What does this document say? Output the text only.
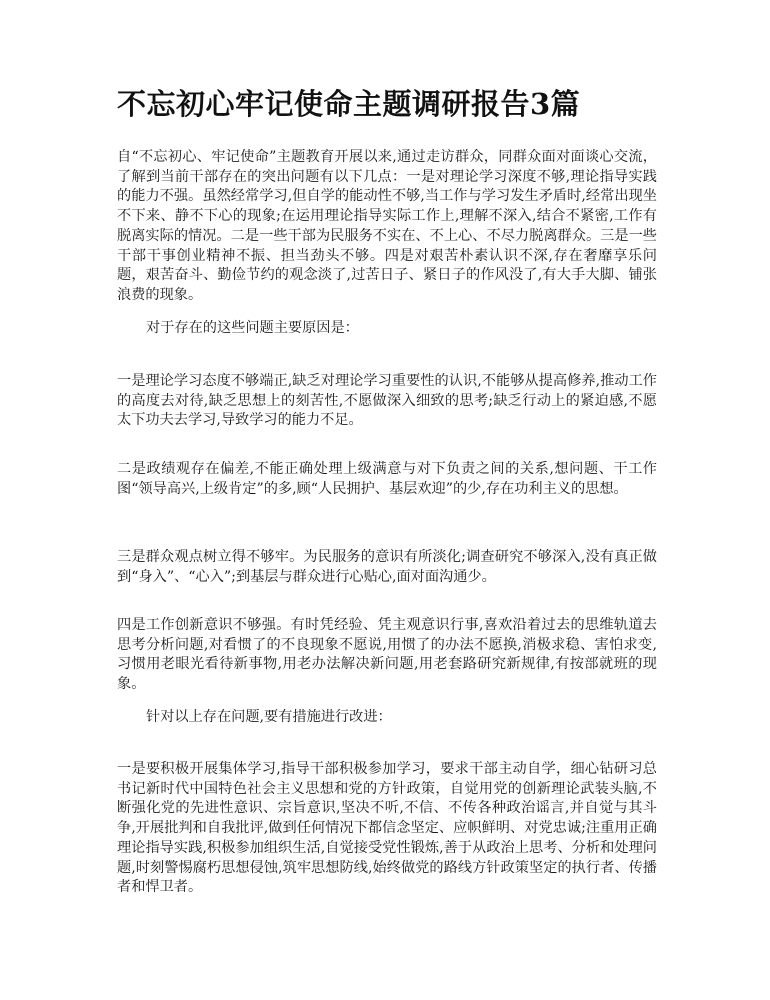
不忘初心牢记使命主题调研报告3篇

自“不忘初心、牢记使命”主题教育开展以来,通过走访群众，同群众面对面谈心交流，了解到当前干部存在的突出问题有以下几点：一是对理论学习深度不够,理论指导实践的能力不强。虽然经常学习,但自学的能动性不够,当工作与学习发生矛盾时,经常出现坐不下来、静不下心的现象;在运用理论指导实际工作上,理解不深入,结合不紧密,工作有脱离实际的情况。二是一些干部为民服务不实在、不上心、不尽力脱离群众。三是一些干部干事创业精神不振、担当劲头不够。四是对艰苦朴素认识不深,存在奢靡享乐问题，艰苦奋斗、勤俭节约的观念淡了,过苦日子、紧日子的作风没了,有大手大脚、铺张浪费的现象。

对于存在的这些问题主要原因是：

一是理论学习态度不够端正,缺乏对理论学习重要性的认识,不能够从提高修养,推动工作的高度去对待,缺乏思想上的刻苦性,不愿做深入细致的思考;缺乏行动上的紧迫感,不愿太下功夫去学习,导致学习的能力不足。

二是政绩观存在偏差,不能正确处理上级满意与对下负责之间的关系,想问题、干工作图“领导高兴,上级肯定”的多,顾“人民拥护、基层欢迎”的少,存在功利主义的思想。

三是群众观点树立得不够牢。为民服务的意识有所淡化;调查研究不够深入,没有真正做到“身入”、“心入”;到基层与群众进行心贴心,面对面沟通少。

四是工作创新意识不够强。有时凭经验、凭主观意识行事,喜欢沿着过去的思维轨道去思考分析问题,对看惯了的不良现象不愿说,用惯了的办法不愿换,消极求稳、害怕求变,习惯用老眼光看待新事物,用老办法解决新问题,用老套路研究新规律,有按部就班的现象。

针对以上存在问题,要有措施进行改进：

一是要积极开展集体学习,指导干部积极参加学习，要求干部主动自学，细心钻研习总书记新时代中国特色社会主义思想和党的方针政策，自觉用党的创新理论武装头脑,不断强化党的先进性意识、宗旨意识,坚决不听,不信、不传各种政治谣言,并自觉与其斗争,开展批判和自我批评,做到任何情况下都信念坚定、应帜鲜明、对党忠诚;注重用正确理论指导实践,积极参加组织生活,自觉接受党性锻炼,善于从政治上思考、分析和处理问题,时刻警惕腐朽思想侵蚀,筑牢思想防线,始终做党的路线方针政策坚定的执行者、传播者和悍卫者。
